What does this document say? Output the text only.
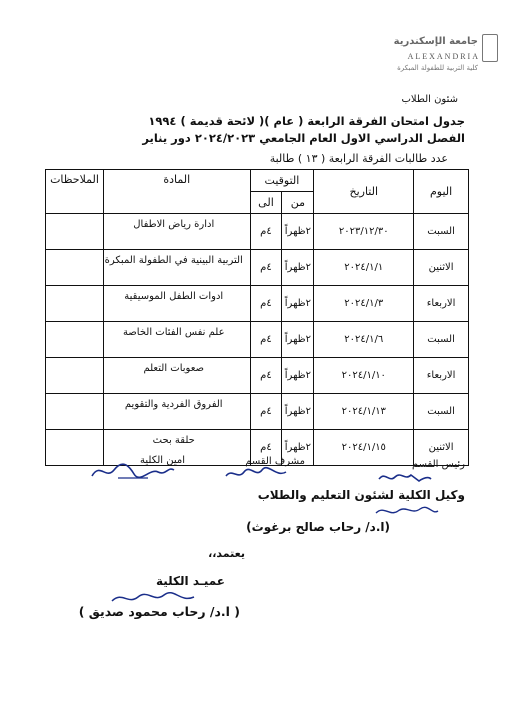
جامعة الإسكندرية
ALEXANDRIA
كلية التربية للطفولة المبكرة
شئون الطلاب
جدول امتحان الفرقة الرابعة ( عام )( لائحة قديمة ) ١٩٩٤
الفصل الدراسي الاول العام الجامعي ٢٠٢٤/٢٠٢٣ دور يناير
عدد طالبات الفرقة الرابعة ( ١٣ ) طالبة
اليوم	التاريخ	التوقيت		المادة	الملاحظات
		من	الى		
السبت	٢٠٢٣/١٢/٣٠	٢ظهراً	٤م	ادارة رياض الاطفال	
الاثنين	٢٠٢٤/١/١	٢ظهراً	٤م	التربية البينية في الطفولة المبكرة	
الاربعاء	٢٠٢٤/١/٣	٢ظهراً	٤م	ادوات الطفل الموسيقية	
السبت	٢٠٢٤/١/٦	٢ظهراً	٤م	علم نفس الفئات الخاصة	
الاربعاء	٢٠٢٤/١/١٠	٢ظهراً	٤م	صعوبات التعلم	
السبت	٢٠٢٤/١/١٣	٢ظهراً	٤م	الفروق الفردية والتقويم	
الاثنين	٢٠٢٤/١/١٥	٢ظهراً	٤م	حلقة بحث	
رئيس القسم
مشرف القسم
امين الكلية
وكيل الكلية لشئون التعليم والطلاب
(ا.د/ رحاب صالح برغوث)
يعتمد،،
عميـد الكلية
( ا.د/ رحاب محمود صديق )
